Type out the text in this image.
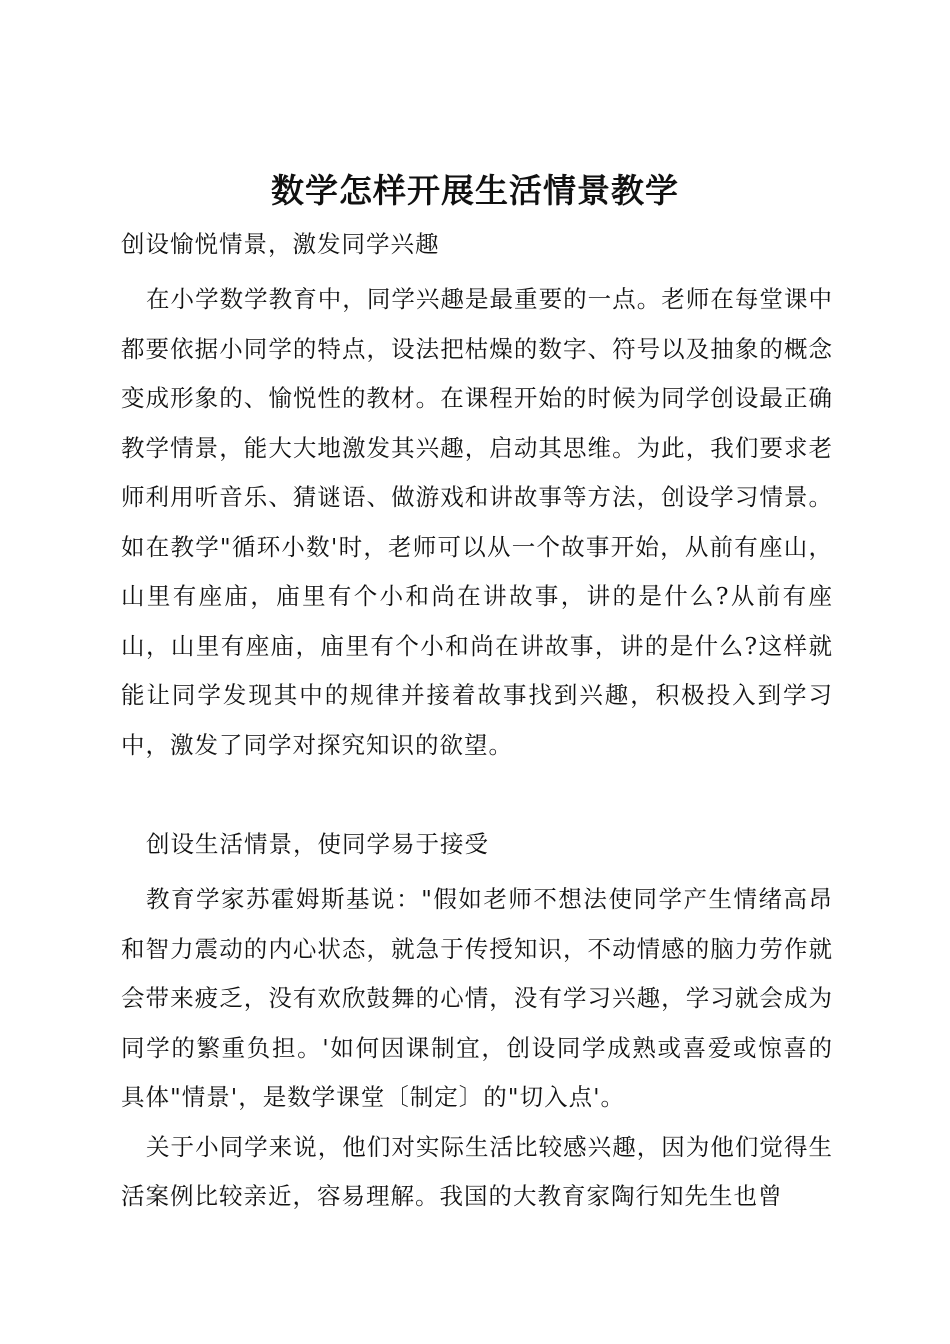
数学怎样开展生活情景教学

创设愉悦情景，激发同学兴趣

在小学数学教育中，同学兴趣是最重要的一点。老师在每堂课中都要依据小同学的特点，设法把枯燥的数字、符号以及抽象的概念变成形象的、愉悦性的教材。在课程开始的时候为同学创设最正确教学情景，能大大地激发其兴趣，启动其思维。为此，我们要求老师利用听音乐、猜谜语、做游戏和讲故事等方法，创设学习情景。如在教学"循环小数'时，老师可以从一个故事开始，从前有座山，山里有座庙，庙里有个小和尚在讲故事，讲的是什么?从前有座山，山里有座庙，庙里有个小和尚在讲故事，讲的是什么?这样就能让同学发现其中的规律并接着故事找到兴趣，积极投入到学习中，激发了同学对探究知识的欲望。

创设生活情景，使同学易于接受

教育学家苏霍姆斯基说："假如老师不想法使同学产生情绪高昂和智力震动的内心状态，就急于传授知识，不动情感的脑力劳作就会带来疲乏，没有欢欣鼓舞的心情，没有学习兴趣，学习就会成为同学的繁重负担。'如何因课制宜，创设同学成熟或喜爱或惊喜的具体"情景'，是数学课堂〔制定〕的"切入点'。

关于小同学来说，他们对实际生活比较感兴趣，因为他们觉得生活案例比较亲近，容易理解。我国的大教育家陶行知先生也曾
